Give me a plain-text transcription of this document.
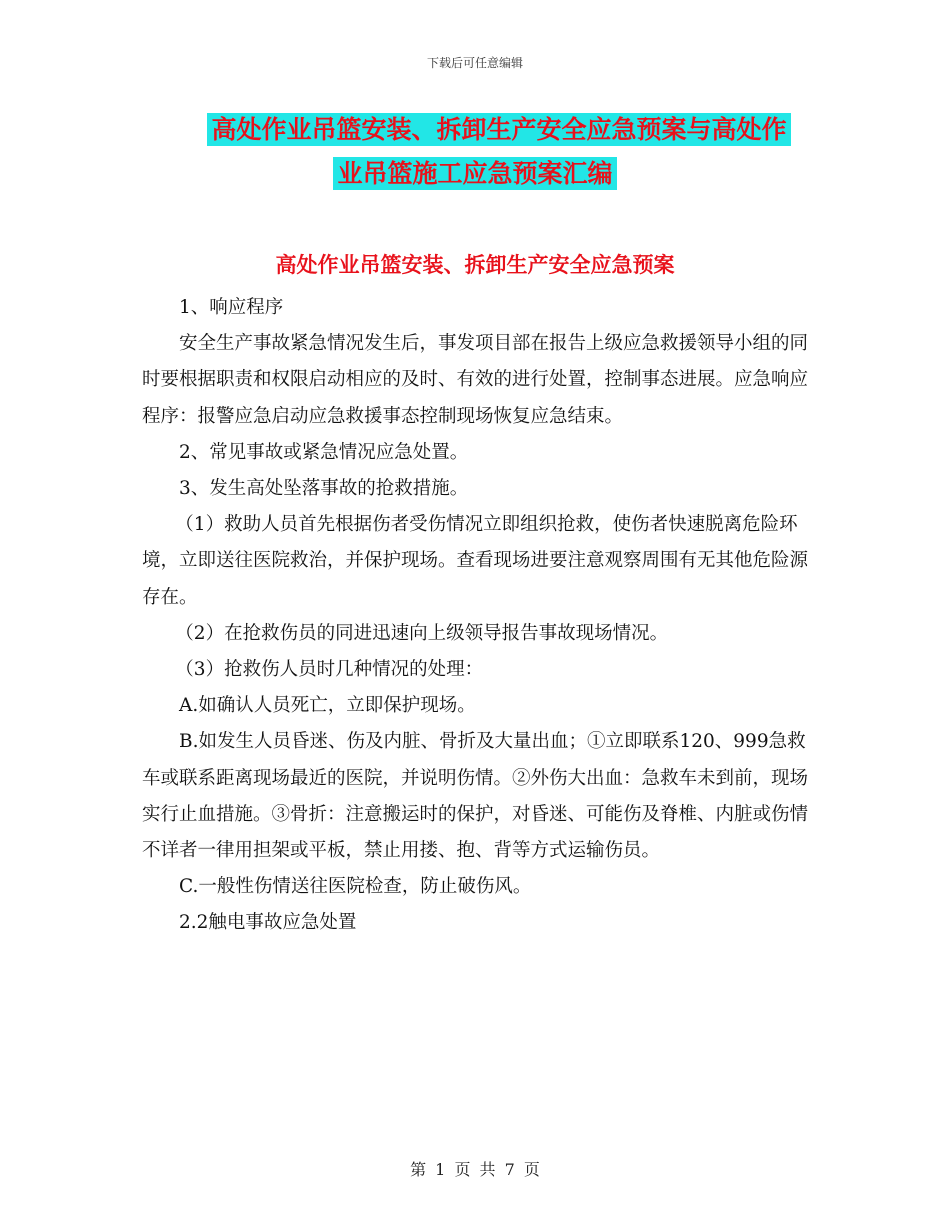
下载后可任意编辑
高处作业吊篮安装、拆卸生产安全应急预案与高处作
业吊篮施工应急预案汇编
高处作业吊篮安装、拆卸生产安全应急预案

1、响应程序

安全生产事故紧急情况发生后，事发项目部在报告上级应急救援领导小组的同时要根据职责和权限启动相应的及时、有效的进行处置，控制事态进展。应急响应程序：报警应急启动应急救援事态控制现场恢复应急结束。

2、常见事故或紧急情况应急处置。

3、发生高处坠落事故的抢救措施。

（1）救助人员首先根据伤者受伤情况立即组织抢救，使伤者快速脱离危险环境，立即送往医院救治，并保护现场。查看现场进要注意观察周围有无其他危险源存在。

（2）在抢救伤员的同进迅速向上级领导报告事故现场情况。

（3）抢救伤人员时几种情况的处理：

A.如确认人员死亡，立即保护现场。

B.如发生人员昏迷、伤及内脏、骨折及大量出血；①立即联系120、999急救车或联系距离现场最近的医院，并说明伤情。②外伤大出血：急救车未到前，现场实行止血措施。③骨折：注意搬运时的保护，对昏迷、可能伤及脊椎、内脏或伤情不详者一律用担架或平板，禁止用搂、抱、背等方式运输伤员。

C.一般性伤情送往医院检查，防止破伤风。

2.2触电事故应急处置

第 1 页 共 7 页
